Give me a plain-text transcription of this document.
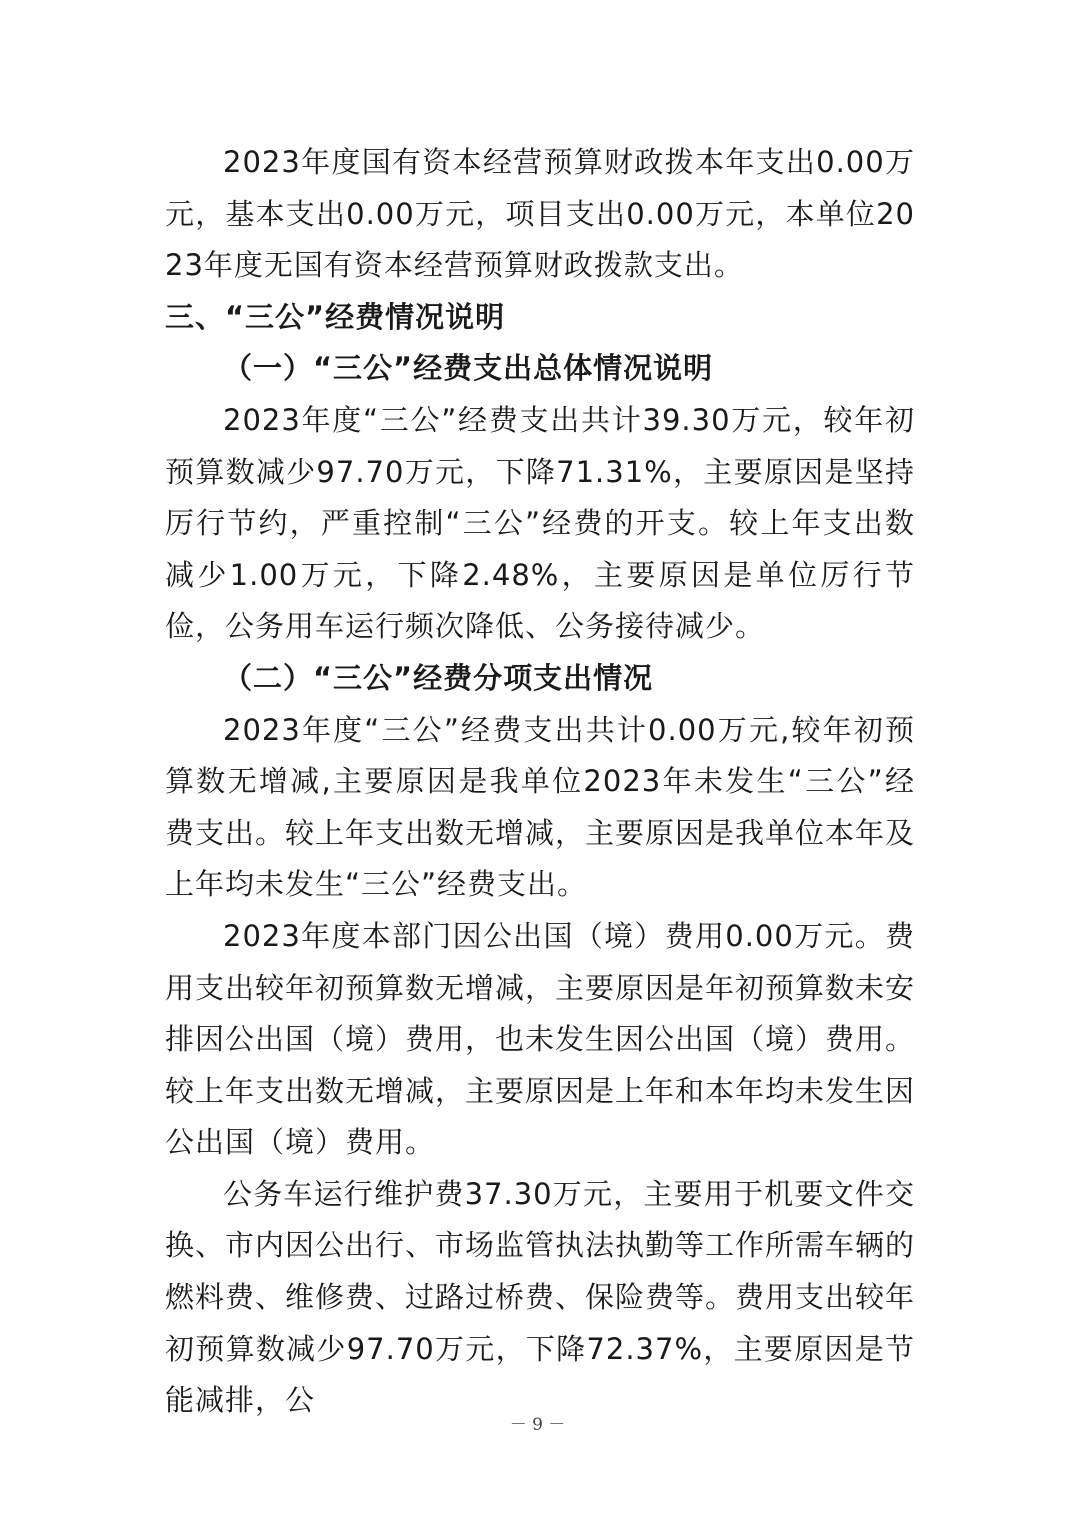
2023年度国有资本经营预算财政拨本年支出0.00万元，基本支出0.00万元，项目支出0.00万元，本单位2023年度无国有资本经营预算财政拨款支出。

三、“三公”经费情况说明

（一）“三公”经费支出总体情况说明

2023年度“三公”经费支出共计39.30万元，较年初预算数减少97.70万元，下降71.31%，主要原因是坚持厉行节约，严重控制“三公”经费的开支。较上年支出数减少1.00万元，下降2.48%，主要原因是单位厉行节俭，公务用车运行频次降低、公务接待减少。

（二）“三公”经费分项支出情况

2023年度“三公”经费支出共计0.00万元,较年初预算数无增减,主要原因是我单位2023年未发生“三公”经费支出。较上年支出数无增减，主要原因是我单位本年及上年均未发生“三公”经费支出。

2023年度本部门因公出国（境）费用0.00万元。费用支出较年初预算数无增减，主要原因是年初预算数未安排因公出国（境）费用，也未发生因公出国（境）费用。较上年支出数无增减，主要原因是上年和本年均未发生因公出国（境）费用。

公务车运行维护费37.30万元，主要用于机要文件交换、市内因公出行、市场监管执法执勤等工作所需车辆的燃料费、维修费、过路过桥费、保险费等。费用支出较年初预算数减少97.70万元，下降72.37%，主要原因是节能减排，公

－ 9 －
